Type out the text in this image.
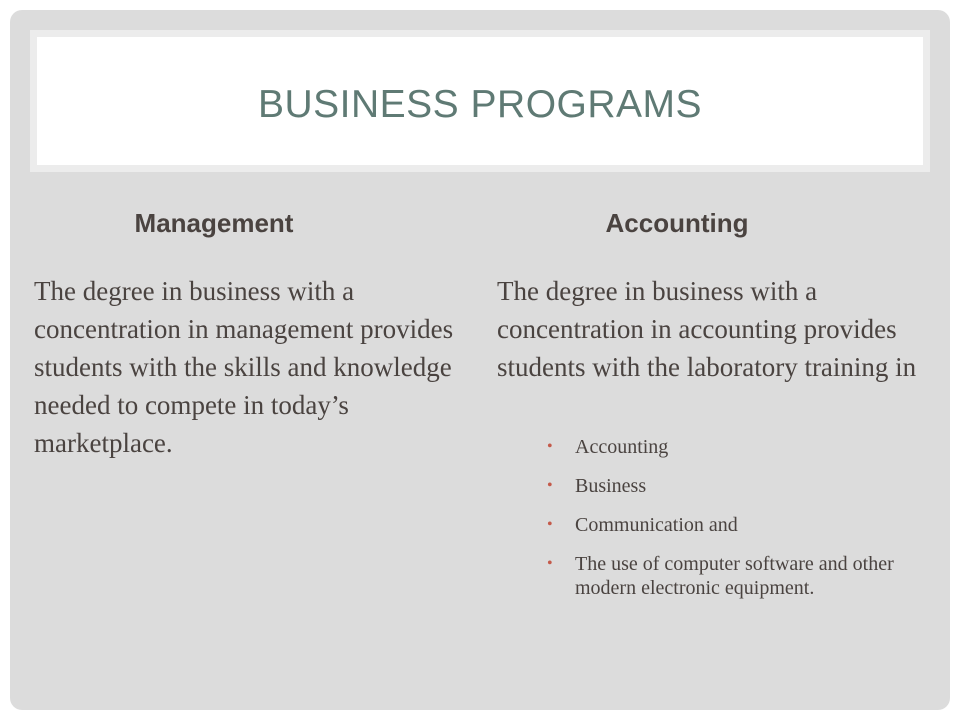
BUSINESS PROGRAMS
Management
The degree in business with a concentration in management provides students with the skills and knowledge needed to compete in today’s marketplace.
Accounting
The degree in business with a concentration in accounting provides students with the laboratory training in
• Accounting
• Business
• Communication and
• The use of computer software and other modern electronic equipment.
